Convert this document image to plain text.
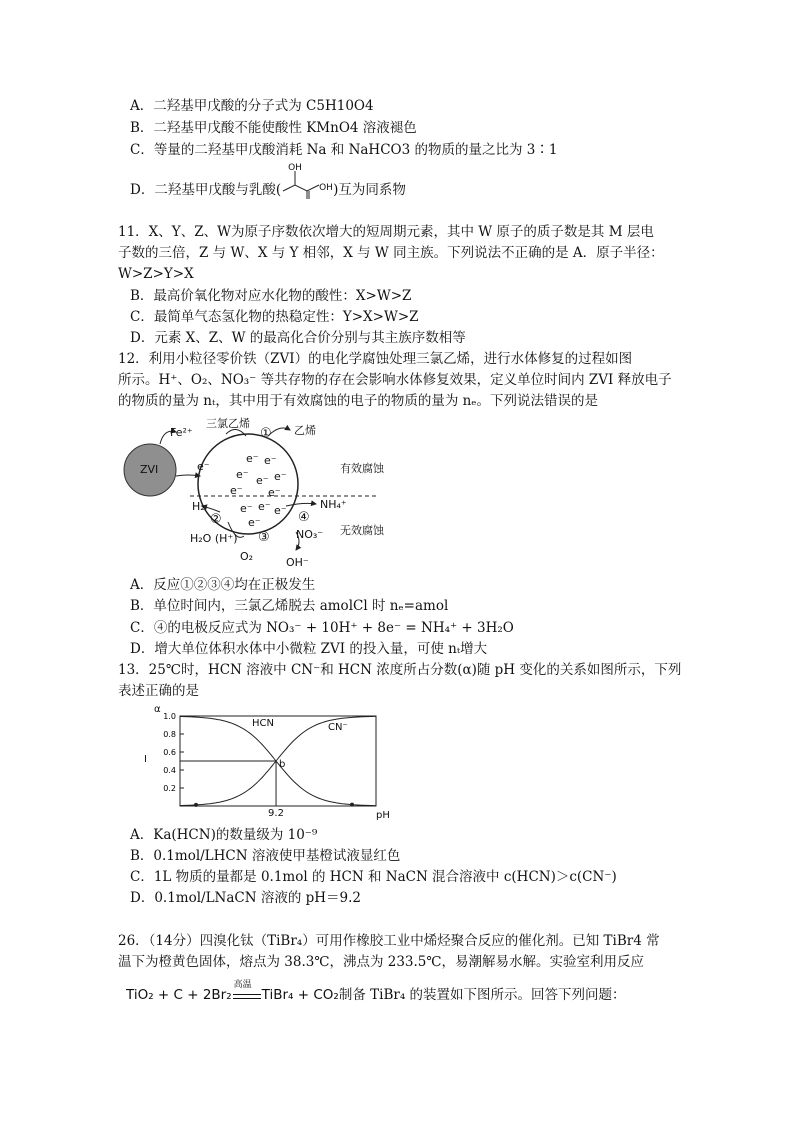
A．二羟基甲戊酸的分子式为 C5H10O4
B．二羟基甲戊酸不能使酸性 KMnO4 溶液褪色
C．等量的二羟基甲戊酸消耗 Na 和 NaHCO3 的物质的量之比为 3∶1
D．二羟基甲戊酸与乳酸(
OH
OH )互为同系物
11．X、Y、Z、W为原子序数依次增大的短周期元素，其中 W 原子的质子数是其 M 层电
子数的三倍，Z 与 W、X 与 Y 相邻，X 与 W 同主族。下列说法不正确的是 A．原子半径：
W>Z>Y>X
B．最高价氧化物对应水化物的酸性：X>W>Z
C．最简单气态氢化物的热稳定性：Y>X>W>Z
D．元素 X、Z、W 的最高化合价分别与其主族序数相等
12．利用小粒径零价铁（ZVI）的电化学腐蚀处理三氯乙烯，进行水体修复的过程如图
所示。H⁺、O₂、NO₃⁻ 等共存物的存在会影响水体修复效果，定义单位时间内 ZVI 释放电子
的物质的量为 nₜ，其中用于有效腐蚀的电子的物质的量为 nₑ。下列说法错误的是
Fe²⁺
三氯乙烯
① 乙烯
ZVI	e⁻
e⁻ e⁻
e⁻ e⁻ e⁻
e⁻ e⁻
e⁻ e⁻ e⁻
e⁻
有效腐蚀
无效腐蚀
H₂
②
H₂O (H⁺) ③
O₂
④
NH₄⁺
NO₃⁻
OH⁻
A．反应①②③④均在正极发生
B．单位时间内，三氯乙烯脱去 amolCl 时 nₑ=amol
C．④的电极反应式为 NO₃⁻ + 10H⁺ + 8e⁻ = NH₄⁺ + 3H₂O
D．增大单位体积水体中小微粒 ZVI 的投入量，可使 nₜ增大
13．25℃时，HCN 溶液中 CN⁻和 HCN 浓度所占分数(α)随 pH 变化的关系如图所示，下列
表述正确的是
1.0
0.8
0.6
0.4
0.2
α
pH
9.2
Ⅰ
HCN	CN⁻
b
A．Ka(HCN)的数量级为 10⁻⁹
B．0.1mol/LHCN 溶液使甲基橙试液显红色
C．1L 物质的量都是 0.1mol 的 HCN 和 NaCN 混合溶液中 c(HCN)＞c(CN⁻)
D．0.1mol/LNaCN 溶液的 pH＝9.2
26．（14分）四溴化钛（TiBr₄）可用作橡胶工业中烯烃聚合反应的催化剂。已知 TiBr4 常
温下为橙黄色固体，熔点为 38.3℃，沸点为 233.5℃，易潮解易水解。实验室利用反应
TiO₂ + C + 2Br₂
高温
TiBr₄ + CO₂制备 TiBr₄ 的装置如下图所示。回答下列问题：
